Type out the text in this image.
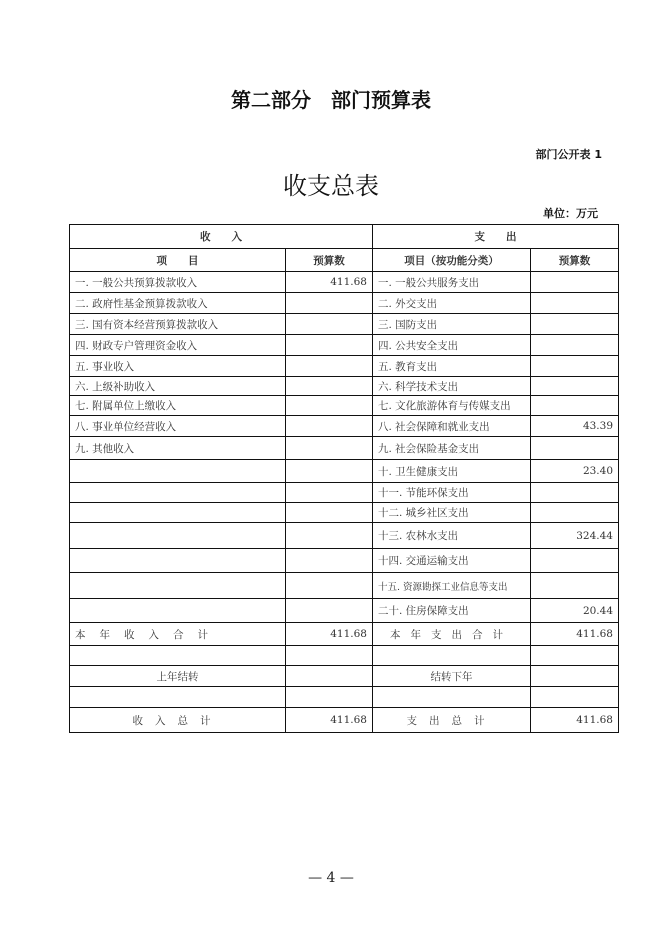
第二部分　部门预算表
部门公开表 1
收支总表
单位：万元
收　　入		支　　出	
项　　目	预算数	项目（按功能分类）	预算数
一. 一般公共预算拨款收入	411.68	一. 一般公共服务支出	
二. 政府性基金预算拨款收入		二. 外交支出	
三. 国有资本经营预算拨款收入		三. 国防支出	
四. 财政专户管理资金收入		四. 公共安全支出	
五. 事业收入		五. 教育支出	
六. 上级补助收入		六. 科学技术支出	
七. 附属单位上缴收入		七. 文化旅游体育与传媒支出	
八. 事业单位经营收入		八. 社会保障和就业支出	43.39
九. 其他收入		九. 社会保险基金支出	
		十. 卫生健康支出	23.40
		十一. 节能环保支出	
		十二. 城乡社区支出	
		十三. 农林水支出	324.44
		十四. 交通运输支出	
		十五. 资源勘探工业信息等支出	
		二十. 住房保障支出	20.44
本年收入合计	411.68	本年支出合计	411.68

上年结转		结转下年	

收入总计	411.68	支出总计	411.68
— 4 —
